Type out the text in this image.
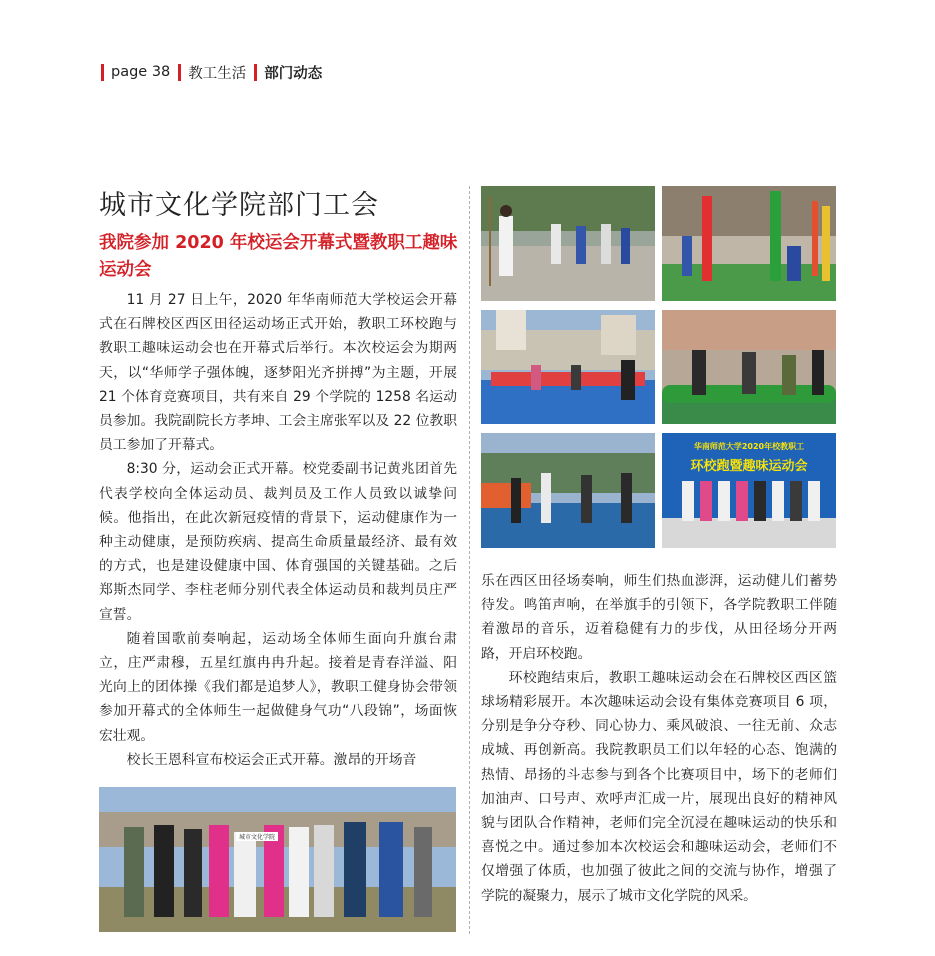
page 38 教工生活 部门动态
城市文化学院部门工会
我院参加 2020 年校运会开幕式暨教职工趣味运动会

11 月 27 日上午，2020 年华南师范大学校运会开幕式在石牌校区西区田径运动场正式开始，教职工环校跑与教职工趣味运动会也在开幕式后举行。本次校运会为期两天，以“华师学子强体魄，逐梦阳光齐拼搏”为主题，开展 21 个体育竞赛项目，共有来自 29 个学院的 1258 名运动员参加。我院副院长方孝坤、工会主席张军以及 22 位教职员工参加了开幕式。

8:30 分，运动会正式开幕。校党委副书记黄兆团首先代表学校向全体运动员、裁判员及工作人员致以诚挚问候。他指出，在此次新冠疫情的背景下，运动健康作为一种主动健康，是预防疾病、提高生命质量最经济、最有效的方式，也是建设健康中国、体育强国的关键基础。之后郑斯杰同学、李柱老师分别代表全体运动员和裁判员庄严宣誓。

随着国歌前奏响起，运动场全体师生面向升旗台肃立，庄严肃穆，五星红旗冉冉升起。接着是青春洋溢、阳光向上的团体操《我们都是追梦人》，教职工健身协会带领参加开幕式的全体师生一起做健身气功“八段锦”，场面恢宏壮观。

校长王恩科宣布校运会正式开幕。激昂的开场音

华南师范大学2020年校教职工
环校跑暨趣味运动会
城市文化学院

乐在西区田径场奏响，师生们热血澎湃，运动健儿们蓄势待发。鸣笛声响，在举旗手的引领下，各学院教职工伴随着激昂的音乐，迈着稳健有力的步伐，从田径场分开两路，开启环校跑。

环校跑结束后，教职工趣味运动会在石牌校区西区篮球场精彩展开。本次趣味运动会设有集体竞赛项目 6 项，分别是争分夺秒、同心协力、乘风破浪、一往无前、众志成城、再创新高。我院教职员工们以年轻的心态、饱满的热情、昂扬的斗志参与到各个比赛项目中，场下的老师们加油声、口号声、欢呼声汇成一片，展现出良好的精神风貌与团队合作精神，老师们完全沉浸在趣味运动的快乐和喜悦之中。通过参加本次校运会和趣味运动会，老师们不仅增强了体质，也加强了彼此之间的交流与协作，增强了学院的凝聚力，展示了城市文化学院的风采。
